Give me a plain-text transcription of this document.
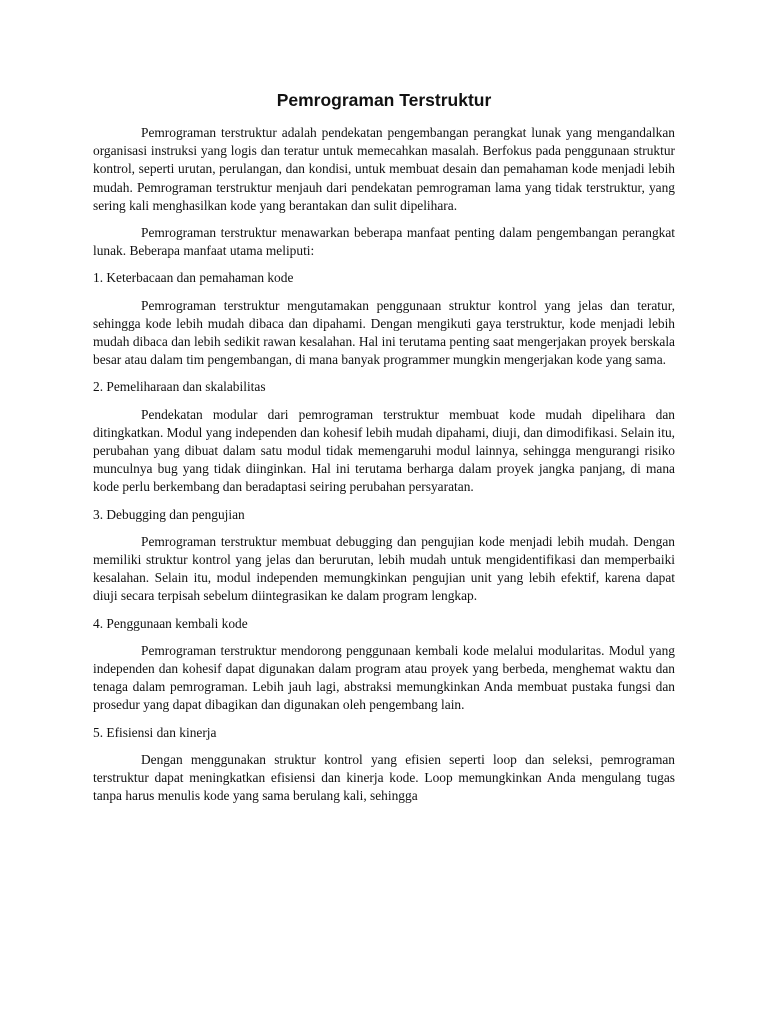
Pemrograman Terstruktur

Pemrograman terstruktur adalah pendekatan pengembangan perangkat lunak yang mengandalkan organisasi instruksi yang logis dan teratur untuk memecahkan masalah. Berfokus pada penggunaan struktur kontrol, seperti urutan, perulangan, dan kondisi, untuk membuat desain dan pemahaman kode menjadi lebih mudah. Pemrograman terstruktur menjauh dari pendekatan pemrograman lama yang tidak terstruktur, yang sering kali menghasilkan kode yang berantakan dan sulit dipelihara.

Pemrograman terstruktur menawarkan beberapa manfaat penting dalam pengembangan perangkat lunak. Beberapa manfaat utama meliputi:

1. Keterbacaan dan pemahaman kode

Pemrograman terstruktur mengutamakan penggunaan struktur kontrol yang jelas dan teratur, sehingga kode lebih mudah dibaca dan dipahami. Dengan mengikuti gaya terstruktur, kode menjadi lebih mudah dibaca dan lebih sedikit rawan kesalahan. Hal ini terutama penting saat mengerjakan proyek berskala besar atau dalam tim pengembangan, di mana banyak programmer mungkin mengerjakan kode yang sama.

2. Pemeliharaan dan skalabilitas

Pendekatan modular dari pemrograman terstruktur membuat kode mudah dipelihara dan ditingkatkan. Modul yang independen dan kohesif lebih mudah dipahami, diuji, dan dimodifikasi. Selain itu, perubahan yang dibuat dalam satu modul tidak memengaruhi modul lainnya, sehingga mengurangi risiko munculnya bug yang tidak diinginkan. Hal ini terutama berharga dalam proyek jangka panjang, di mana kode perlu berkembang dan beradaptasi seiring perubahan persyaratan.

3. Debugging dan pengujian

Pemrograman terstruktur membuat debugging dan pengujian kode menjadi lebih mudah. Dengan memiliki struktur kontrol yang jelas dan berurutan, lebih mudah untuk mengidentifikasi dan memperbaiki kesalahan. Selain itu, modul independen memungkinkan pengujian unit yang lebih efektif, karena dapat diuji secara terpisah sebelum diintegrasikan ke dalam program lengkap.

4. Penggunaan kembali kode

Pemrograman terstruktur mendorong penggunaan kembali kode melalui modularitas. Modul yang independen dan kohesif dapat digunakan dalam program atau proyek yang berbeda, menghemat waktu dan tenaga dalam pemrograman. Lebih jauh lagi, abstraksi memungkinkan Anda membuat pustaka fungsi dan prosedur yang dapat dibagikan dan digunakan oleh pengembang lain.

5. Efisiensi dan kinerja

Dengan menggunakan struktur kontrol yang efisien seperti loop dan seleksi, pemrograman terstruktur dapat meningkatkan efisiensi dan kinerja kode. Loop memungkinkan Anda mengulang tugas tanpa harus menulis kode yang sama berulang kali, sehingga
